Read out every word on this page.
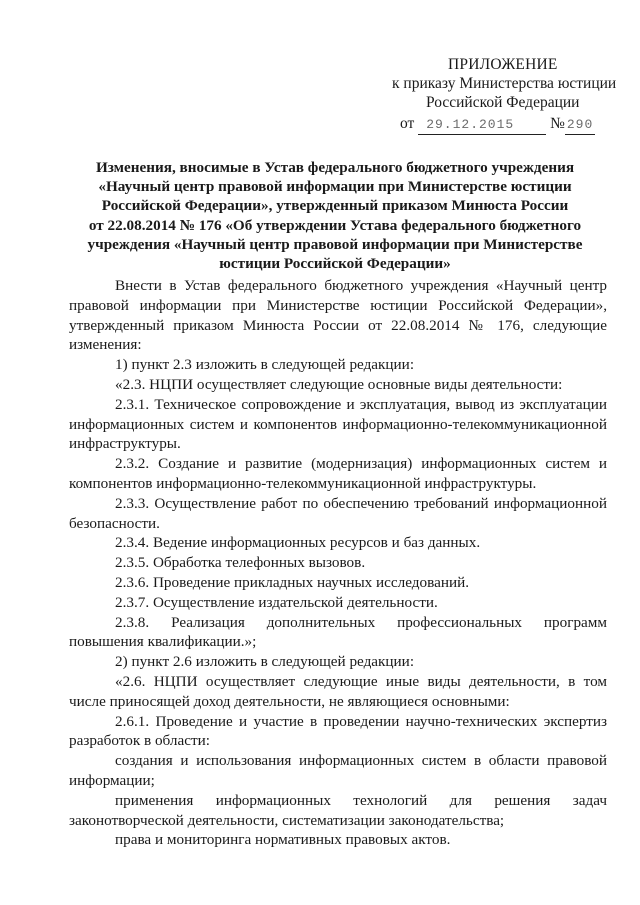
ПРИЛОЖЕНИЕ
к приказу Министерства юстиции
Российской Федерации
от 29.12.2015 № 290
Изменения, вносимые в Устав федерального бюджетного учреждения
«Научный центр правовой информации при Министерстве юстиции
Российской Федерации», утвержденный приказом Минюста России
от 22.08.2014 № 176 «Об утверждении Устава федерального бюджетного
учреждения «Научный центр правовой информации при Министерстве
юстиции Российской Федерации»
Внести в Устав федерального бюджетного учреждения «Научный центр правовой информации при Министерстве юстиции Российской Федерации», утвержденный приказом Минюста России от 22.08.2014 № 176, следующие изменения:
1) пункт 2.3 изложить в следующей редакции:
«2.3. НЦПИ осуществляет следующие основные виды деятельности:
2.3.1. Техническое сопровождение и эксплуатация, вывод из эксплуатации информационных систем и компонентов информационно-телекоммуникационной инфраструктуры.
2.3.2. Создание и развитие (модернизация) информационных систем и компонентов информационно-телекоммуникационной инфраструктуры.
2.3.3. Осуществление работ по обеспечению требований информационной безопасности.
2.3.4. Ведение информационных ресурсов и баз данных.
2.3.5. Обработка телефонных вызовов.
2.3.6. Проведение прикладных научных исследований.
2.3.7. Осуществление издательской деятельности.
2.3.8. Реализация дополнительных профессиональных программ повышения квалификации.»;
2) пункт 2.6 изложить в следующей редакции:
«2.6. НЦПИ осуществляет следующие иные виды деятельности, в том числе приносящей доход деятельности, не являющиеся основными:
2.6.1. Проведение и участие в проведении научно-технических экспертиз разработок в области:
создания и использования информационных систем в области правовой информации;
применения информационных технологий для решения задач законотворческой деятельности, систематизации законодательства;
права и мониторинга нормативных правовых актов.
